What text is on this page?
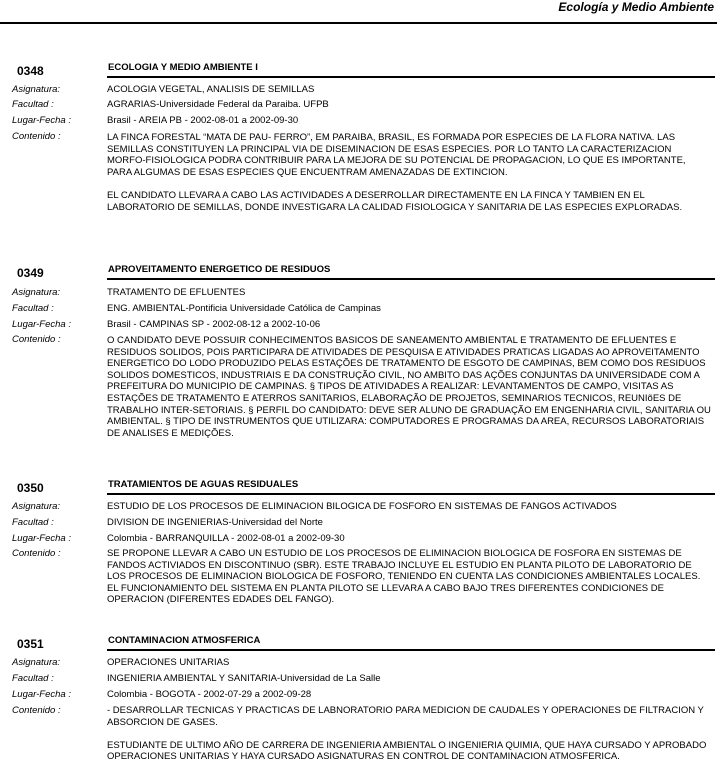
Ecología y Medio Ambiente
0348	ECOLOGIA Y MEDIO AMBIENTE I
Asignatura:	ACOLOGIA VEGETAL, ANALISIS DE SEMILLAS
Facultad :	AGRARIAS-Universidade Federal da Paraiba. UFPB
Lugar-Fecha :	Brasil - AREIA PB - 2002-08-01 a 2002-09-30
Contenido :	LA FINCA FORESTAL “MATA DE PAU- FERRO”, EM PARAIBA, BRASIL, ES FORMADA POR ESPECIES DE LA FLORA NATIVA. LAS SEMILLAS CONSTITUYEN LA PRINCIPAL VIA DE DISEMINACION DE ESAS ESPECIES. POR LO TANTO LA CARACTERIZACION MORFO-FISIOLOGICA PODRA CONTRIBUIR PARA LA MEJORA DE SU POTENCIAL DE PROPAGACION, LO QUE ES IMPORTANTE, PARA ALGUMAS DE ESAS ESPECIES QUE ENCUENTRAM AMENAZADAS DE EXTINCION.

EL CANDIDATO LLEVARA A CABO LAS ACTIVIDADES A DESERROLLAR DIRECTAMENTE EN LA FINCA Y TAMBIEN EN EL LABORATORIO DE SEMILLAS, DONDE INVESTIGARA LA CALIDAD FISIOLOGICA Y SANITARIA DE LAS ESPECIES EXPLORADAS.

0349	APROVEITAMENTO ENERGETICO DE RESIDUOS
Asignatura:	TRATAMENTO DE EFLUENTES
Facultad :	ENG. AMBIENTAL-Pontificia Universidade Católica de Campinas
Lugar-Fecha :	Brasil - CAMPINAS SP - 2002-08-12 a 2002-10-06
Contenido :	O CANDIDATO DEVE POSSUIR CONHECIMENTOS BASICOS DE SANEAMENTO AMBIENTAL E TRATAMENTO DE EFLUENTES E RESIDUOS SOLIDOS, POIS PARTICIPARA DE ATIVIDADES DE PESQUISA E ATIVIDADES PRATICAS LIGADAS AO APROVEITAMENTO ENERGETICO DO LODO PRODUZIDO PELAS ESTAÇÕES DE TRATAMENTO DE ESGOTO DE CAMPINAS, BEM COMO DOS RESIDUOS SOLIDOS DOMESTICOS, INDUSTRIAIS E DA CONSTRUÇÃO CIVIL, NO AMBITO DAS AÇÕES CONJUNTAS DA UNIVERSIDADE COM A PREFEITURA DO MUNICIPIO DE CAMPINAS. § TIPOS DE ATIVIDADES A REALIZAR: LEVANTAMENTOS DE CAMPO, VISITAS AS ESTAÇÕES DE TRATAMENTO E ATERROS SANITARIOS, ELABORAÇÃO DE PROJETOS, SEMINARIOS TECNICOS, REUNIõES DE TRABALHO INTER-SETORIAIS. § PERFIL DO CANDIDATO: DEVE SER ALUNO DE GRADUAÇÃO EM ENGENHARIA CIVIL, SANITARIA OU AMBIENTAL. § TIPO DE INSTRUMENTOS QUE UTILIZARA: COMPUTADORES E PROGRAMAS DA AREA, RECURSOS LABORATORIAIS DE ANALISES E MEDIÇÕES.

0350	TRATAMIENTOS DE AGUAS RESIDUALES
Asignatura:	ESTUDIO DE LOS PROCESOS DE ELIMINACION BILOGICA DE FOSFORO EN SISTEMAS DE FANGOS ACTIVADOS
Facultad :	DIVISION DE INGENIERIAS-Universidad del Norte
Lugar-Fecha :	Colombia - BARRANQUILLA - 2002-08-01 a 2002-09-30
Contenido :	SE PROPONE LLEVAR A CABO UN ESTUDIO DE LOS PROCESOS DE ELIMINACION BIOLOGICA DE FOSFORA EN SISTEMAS DE FANDOS ACTIVIADOS EN DISCONTINUO (SBR). ESTE TRABAJO INCLUYE EL ESTUDIO EN PLANTA PILOTO DE LABORATORIO DE LOS PROCESOS DE ELIMINACION BIOLOGICA DE FOSFORO, TENIENDO EN CUENTA LAS CONDICIONES AMBIENTALES LOCALES. EL FUNCIONAMIENTO DEL SISTEMA EN PLANTA PILOTO SE LLEVARA A CABO BAJO TRES DIFERENTES CONDICIONES DE OPERACION (DIFERENTES EDADES DEL FANGO).

0351	CONTAMINACION ATMOSFERICA
Asignatura:	OPERACIONES UNITARIAS
Facultad :	INGENIERIA AMBIENTAL Y SANITARIA-Universidad de La Salle
Lugar-Fecha :	Colombia - BOGOTA - 2002-07-29 a 2002-09-28
Contenido :	- DESARROLLAR TECNICAS Y PRACTICAS DE LABNORATORIO PARA MEDICION DE CAUDALES Y OPERACIONES DE FILTRACION Y ABSORCION DE GASES.

ESTUDIANTE DE ULTIMO AÑO DE CARRERA DE INGENIERIA AMBIENTAL O INGENIERIA QUIMIA, QUE HAYA CURSADO Y APROBADO OPERACIONES UNITARIAS Y HAYA CURSADO ASIGNATURAS EN CONTROL DE CONTAMINACION ATMOSFERICA.
